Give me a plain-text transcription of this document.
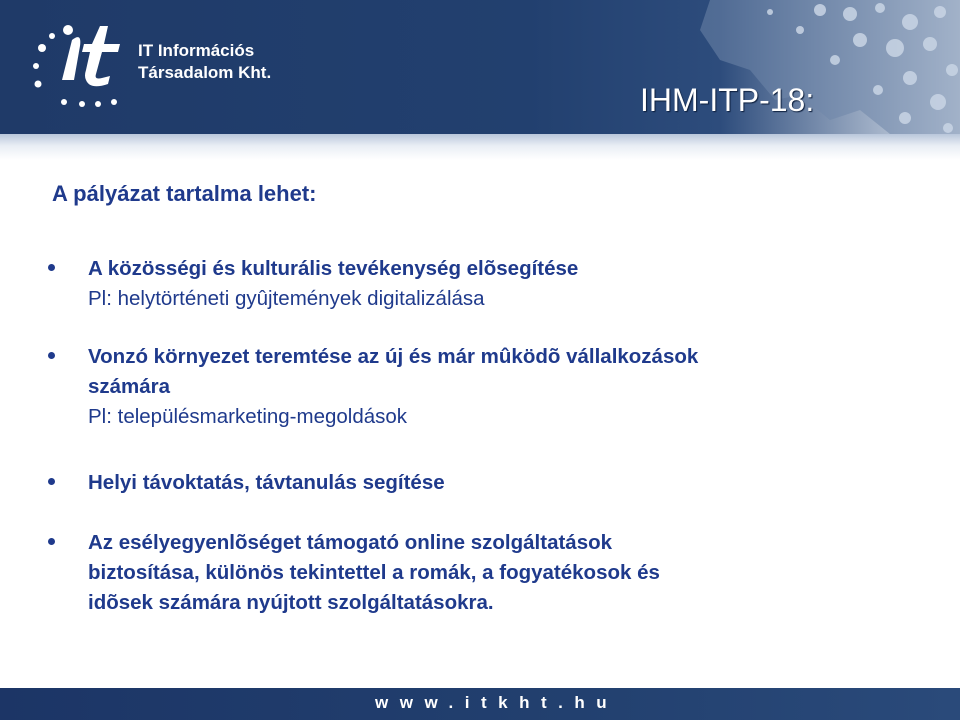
IT Információs
Társadalom Kht.
IHM-ITP-18:
A pályázat tartalma lehet:
A közösségi és kulturális tevékenység elõsegítése
Pl: helytörténeti gyûjtemények digitalizálása
Vonzó környezet teremtése az új és már mûködõ vállalkozások
számára
Pl: településmarketing-megoldások
Helyi távoktatás, távtanulás segítése
Az esélyegyenlõséget támogató online szolgáltatások
biztosítása, különös tekintettel a romák, a fogyatékosok és
idõsek számára nyújtott szolgáltatásokra.
www.itkht.hu
